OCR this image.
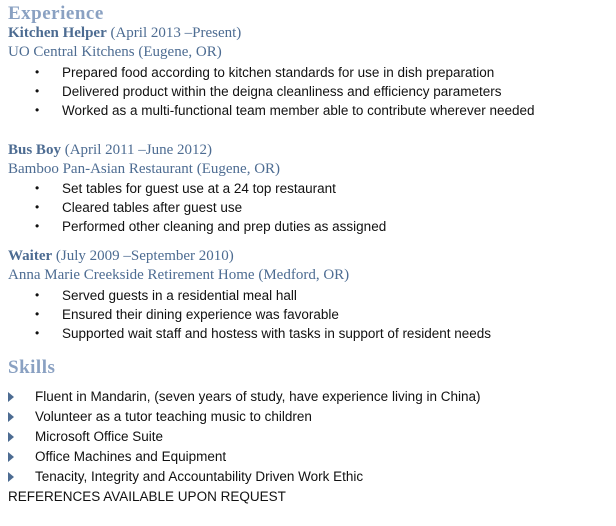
Experience
Kitchen Helper (April 2013 –Present)
UO Central Kitchens (Eugene, OR)
• Prepared food according to kitchen standards for use in dish preparation
• Delivered product within the deigna cleanliness and efficiency parameters
• Worked as a multi-functional team member able to contribute wherever needed
Bus Boy (April 2011 –June 2012)
Bamboo Pan-Asian Restaurant (Eugene, OR)
• Set tables for guest use at a 24 top restaurant
• Cleared tables after guest use
• Performed other cleaning and prep duties as assigned
Waiter (July 2009 –September 2010)
Anna Marie Creekside Retirement Home (Medford, OR)
• Served guests in a residential meal hall
• Ensured their dining experience was favorable
• Supported wait staff and hostess with tasks in support of resident needs
Skills
Fluent in Mandarin, (seven years of study, have experience living in China)
Volunteer as a tutor teaching music to children
Microsoft Office Suite
Office Machines and Equipment
Tenacity, Integrity and Accountability Driven Work Ethic
REFERENCES AVAILABLE UPON REQUEST
